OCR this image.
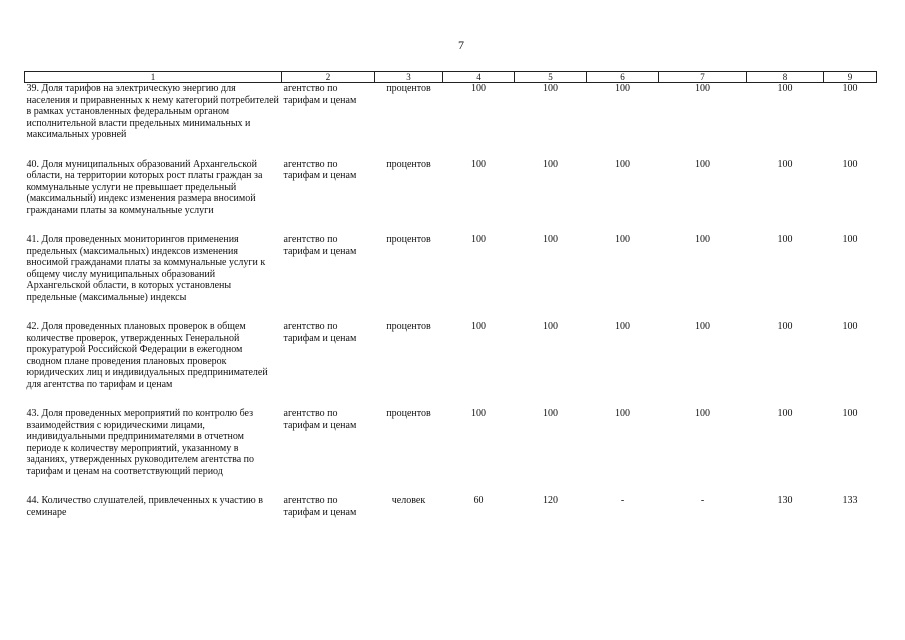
7
1	2	3	4	5	6	7	8	9
39. Доля тарифов на электрическую энергию для населения и приравненных к нему категорий потребителей в рамках установленных федеральным органом исполнительной власти предельных минимальных и максимальных уровней	агентство по тарифам и ценам	процентов	100	100	100	100	100	100
40. Доля муниципальных образований Архангельской области, на территории которых рост платы граждан за коммунальные услуги не превышает предельный (максимальный) индекс изменения размера вносимой гражданами платы за коммунальные услуги	агентство по тарифам и ценам	процентов	100	100	100	100	100	100
41. Доля проведенных мониторингов применения предельных (максимальных) индексов изменения вносимой гражданами платы за коммунальные услуги к общему числу муниципальных образований Архангельской области, в которых установлены предельные (максимальные) индексы	агентство по тарифам и ценам	процентов	100	100	100	100	100	100
42. Доля проведенных плановых проверок в общем количестве проверок, утвержденных Генеральной прокуратурой Российской Федерации в ежегодном сводном плане проведения плановых проверок юридических лиц и индивидуальных предпринимателей для агентства по тарифам и ценам	агентство по тарифам и ценам	процентов	100	100	100	100	100	100
43. Доля проведенных мероприятий по контролю без взаимодействия с юридическими лицами, индивидуальными предпринимателями в отчетном периоде к количеству мероприятий, указанному в заданиях, утвержденных руководителем агентства по тарифам и ценам на соответствующий период	агентство по тарифам и ценам	процентов	100	100	100	100	100	100
44. Количество слушателей, привлеченных к участию в семинаре	агентство по тарифам и ценам	человек	60	120	-	-	130	133
